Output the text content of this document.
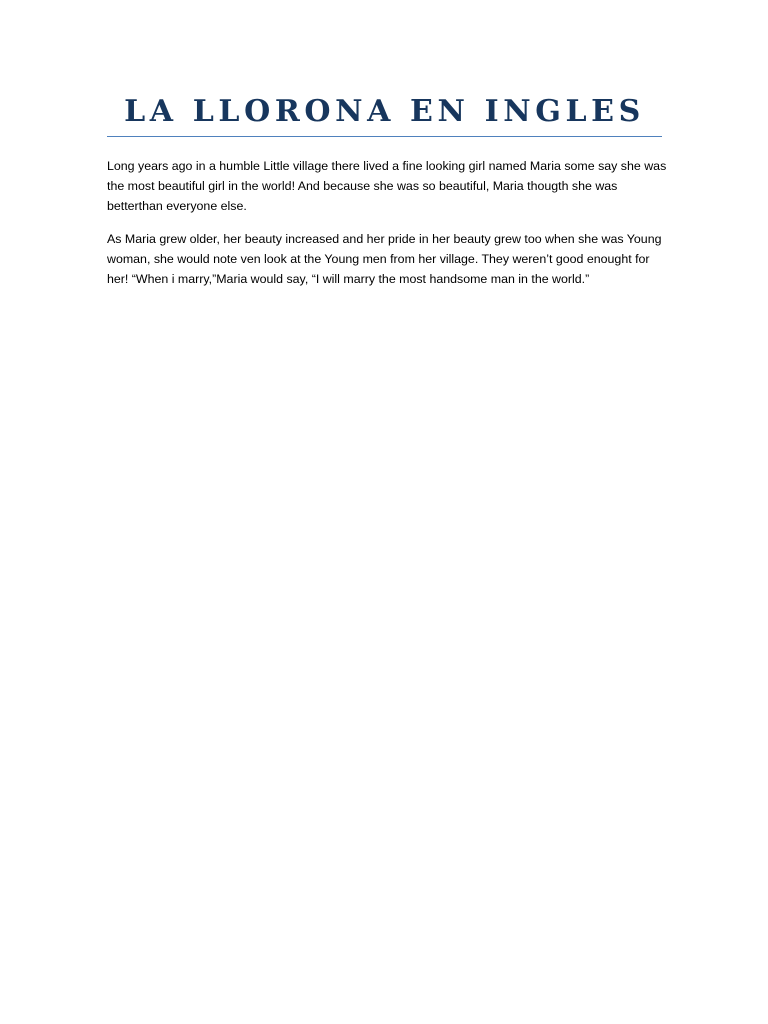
LA LLORONA EN INGLES

Long years ago in a humble Little village there lived a fine looking girl named Maria some say she was the most beautiful girl in the world! And because she was so beautiful, Maria thougth she was betterthan everyone else.

As Maria grew older, her beauty increased and her pride in her beauty grew too when she was Young woman, she would note ven look at the Young men from her village. They weren’t good enought for her! “When i marry,”Maria would say, “I will marry the most handsome man in the world.”
